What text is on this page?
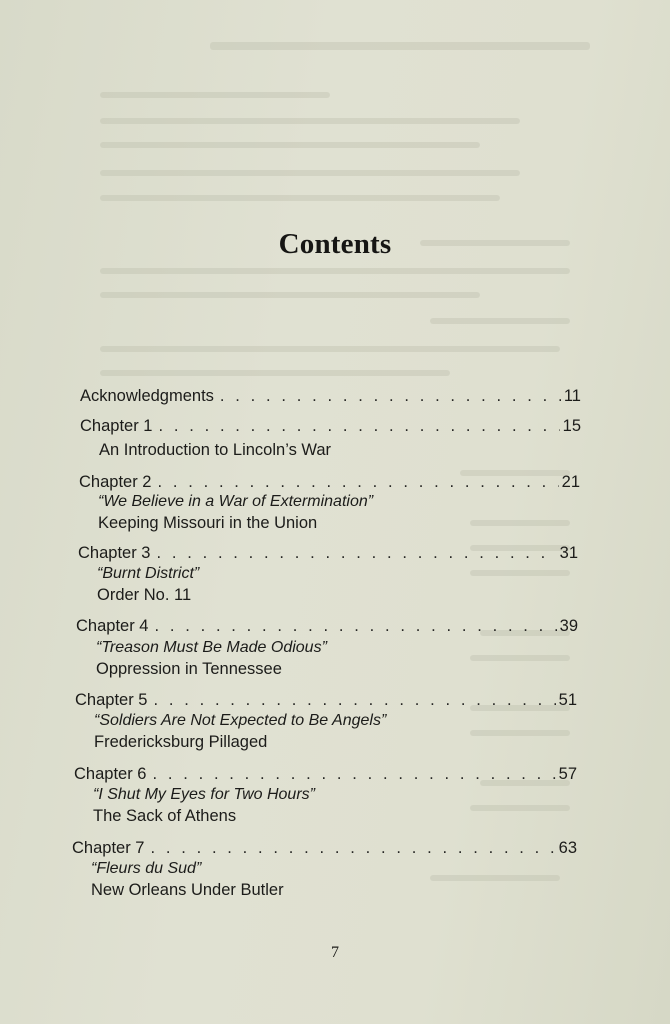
Contents
Acknowledgments . . .	11
Chapter 1 . . .	15
An Introduction to Lincoln’s War
Chapter 2 . . .	21
“We Believe in a War of Extermination”
Keeping Missouri in the Union
Chapter 3 . . .	31
“Burnt District”
Order No. 11
Chapter 4 . . .	39
“Treason Must Be Made Odious”
Oppression in Tennessee
Chapter 5 . . .	51
“Soldiers Are Not Expected to Be Angels”
Fredericksburg Pillaged
Chapter 6 . . .	57
“I Shut My Eyes for Two Hours”
The Sack of Athens
Chapter 7 . . .	63
“Fleurs du Sud”
New Orleans Under Butler
7
